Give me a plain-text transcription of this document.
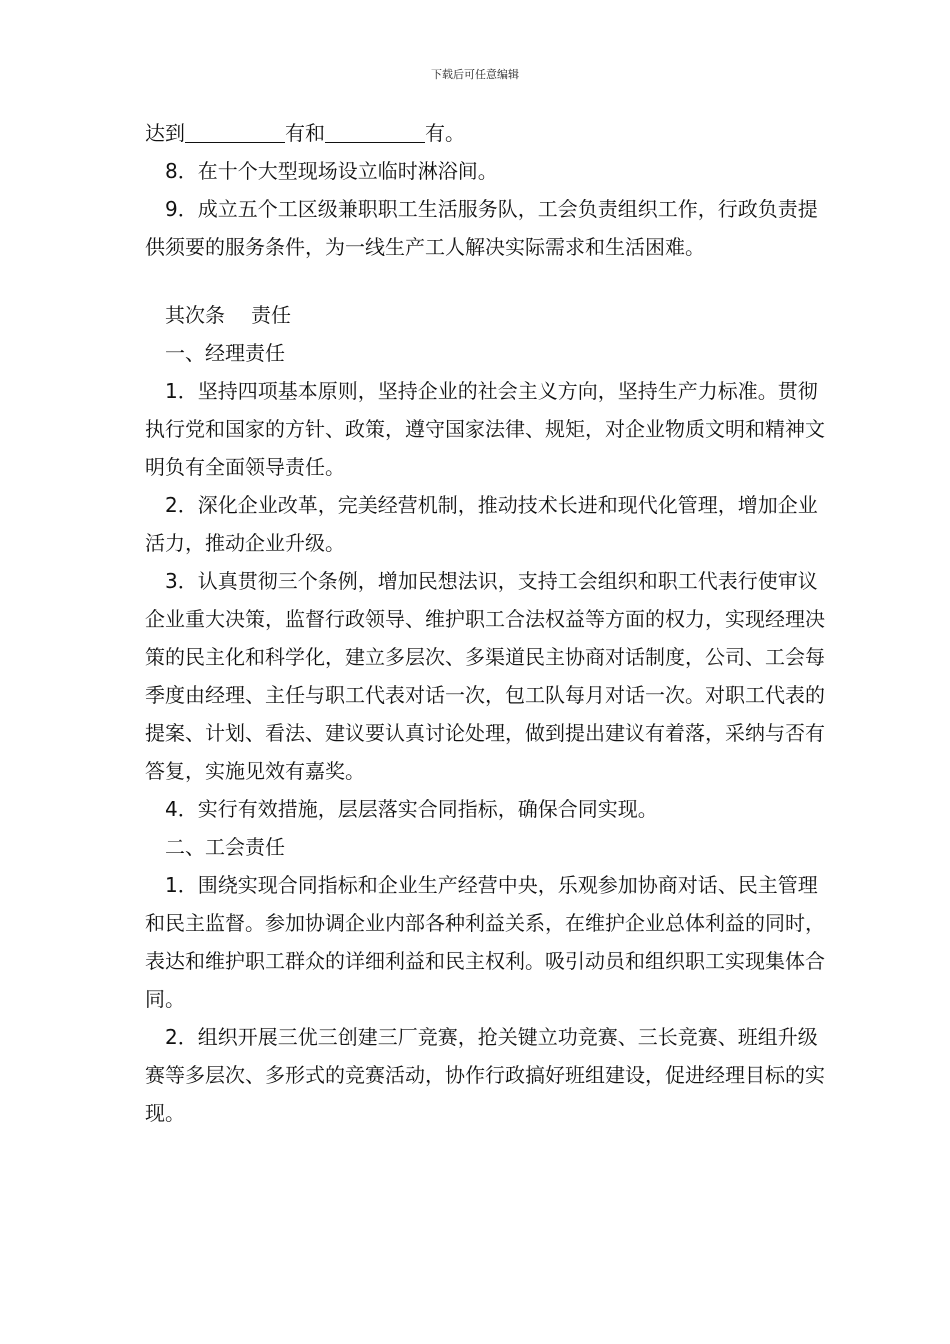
下载后可任意编辑

达到	有和	有。

8．在十个大型现场设立临时淋浴间。

9．成立五个工区级兼职职工生活服务队，工会负责组织工作，行政负责提供须要的服务条件，为一线生产工人解决实际需求和生活困难。

其次条 责任

一、经理责任

1．坚持四项基本原则，坚持企业的社会主义方向，坚持生产力标准。贯彻执行党和国家的方针、政策，遵守国家法律、规矩，对企业物质文明和精神文明负有全面领导责任。

2．深化企业改革，完美经营机制，推动技术长进和现代化管理，增加企业活力，推动企业升级。

3．认真贯彻三个条例，增加民想法识，支持工会组织和职工代表行使审议企业重大决策，监督行政领导、维护职工合法权益等方面的权力，实现经理决策的民主化和科学化，建立多层次、多渠道民主协商对话制度，公司、工会每季度由经理、主任与职工代表对话一次，包工队每月对话一次。对职工代表的提案、计划、看法、建议要认真讨论处理，做到提出建议有着落，采纳与否有答复，实施见效有嘉奖。

4．实行有效措施，层层落实合同指标，确保合同实现。

二、工会责任

1．围绕实现合同指标和企业生产经营中央，乐观参加协商对话、民主管理和民主监督。参加协调企业内部各种利益关系，在维护企业总体利益的同时，表达和维护职工群众的详细利益和民主权利。吸引动员和组织职工实现集体合同。

2．组织开展三优三创建三厂竞赛，抢关键立功竞赛、三长竞赛、班组升级赛等多层次、多形式的竞赛活动，协作行政搞好班组建设，促进经理目标的实现。
